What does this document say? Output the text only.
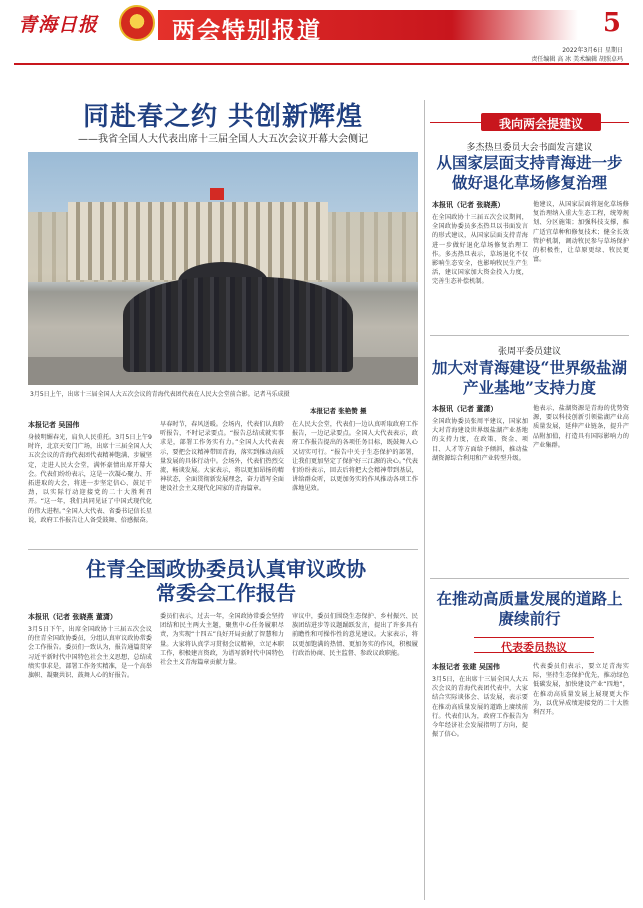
青海日报	两会特别报道	5
2022年3月6日 星期日
责任编辑 高 冰 美术编辑 胡照卓玛
同赴春之约 共创新辉煌
——我省全国人大代表出席十三届全国人大五次会议开幕大会侧记
3月5日上午，出席十三届全国人大五次会议的青海代表团代表在人民大会堂前合影。记者马乐成摄
本报记者 张艳赞 摄
本报记者 吴国伟
身披明媚春光，肩负人民重托。3月5日上午9时许，北京天安门广场，出席十三届全国人大五次会议的青海代表团代表精神饱满、步履坚定，走进人民大会堂，满怀豪情出席开幕大会。代表们纷纷表示，这是一次凝心聚力、开拓进取的大会，将进一步坚定信心、鼓足干劲，以实际行动迎接党的二十大胜利召开。“这一年，我们共同见证了中国式现代化的伟大进程。”全国人大代表、省委书记信长星说，政府工作报告让人备受鼓舞、倍感振奋。
早春时节，春风送暖。会场内，代表们认真聆听报告，不时记录要点。“报告总结成就实事求是，部署工作务实有力。”全国人大代表表示，要把会议精神带回青海，落实到推动高质量发展的具体行动中。会场外，代表们热烈交流，畅谈发展。大家表示，将以更加昂扬的精神状态，全面贯彻新发展理念，奋力谱写全面建设社会主义现代化国家的青海篇章。
在人民大会堂，代表们一边认真听取政府工作报告，一边记录要点。全国人大代表表示，政府工作报告提出的各项任务目标，既鼓舞人心又切实可行。“报告中关于生态保护的部署，让我们更加坚定了保护好三江源的决心。”代表们纷纷表示，回去后将把大会精神带到基层，讲给群众听，以更加务实的作风推动各项工作落地见效。
住青全国政协委员认真审议政协常委会工作报告
本报讯（记者 张晓燕 董潇）
3月5日下午，出席全国政协十三届五次会议的住青全国政协委员，分组认真审议政协常委会工作报告。委员们一致认为，报告通篇贯穿习近平新时代中国特色社会主义思想，总结成绩实事求是，部署工作务实精准，是一个高举旗帜、凝聚共识、鼓舞人心的好报告。
委员们表示，过去一年，全国政协常委会坚持团结和民主两大主题，聚焦中心任务履职尽责，为实现“十四五”良好开局贡献了智慧和力量。大家将认真学习贯彻会议精神，立足本职工作，积极建言资政，为谱写新时代中国特色社会主义青海篇章贡献力量。
审议中，委员们围绕生态保护、乡村振兴、民族团结进步等议题踊跃发言，提出了许多具有前瞻性和可操作性的意见建议。大家表示，将以更加饱满的热情、更加务实的作风，积极履行政治协商、民主监督、参政议政职能。
我向两会提建议
多杰热旦委员大会书面发言建议
从国家层面支持青海进一步做好退化草场修复治理
本报讯（记者 张晓燕）
在全国政协十三届五次会议期间，全国政协委员多杰热旦以书面发言的形式建议，从国家层面支持青海进一步做好退化草场修复治理工作。多杰热旦表示，草场退化不仅影响生态安全，也影响牧民生产生活，建议国家加大资金投入力度，完善生态补偿机制。
他建议，从国家层面将退化草场修复治理纳入重大生态工程，统筹规划、分区施策；加强科技支撑，推广适宜草种和修复技术；健全长效管护机制，调动牧民参与草场保护的积极性，让草原更绿、牧民更富。
张周平委员建议
加大对青海建设“世界级盐湖产业基地”支持力度
本报讯（记者 董潇）
全国政协委员张周平建议，国家加大对青海建设世界级盐湖产业基地的支持力度，在政策、资金、项目、人才等方面给予倾斜，推动盐湖资源综合利用和产业转型升级。
他表示，盐湖资源是青海的优势资源，要以科技创新引领盐湖产业高质量发展，延伸产业链条，提升产品附加值，打造具有国际影响力的产业集群。
在推动高质量发展的道路上赓续前行
代表委员热议
本报记者 张建 吴国伟
3月5日，在出席十三届全国人大五次会议的青海代表团代表中，大家结合实际谈体会、话发展，表示要在推动高质量发展的道路上赓续前行。代表们认为，政府工作报告为今年经济社会发展指明了方向，提振了信心。
代表委员们表示，要立足青海实际，坚持生态保护优先，推动绿色低碳发展，加快建设产业“四地”，在推动高质量发展上展现更大作为，以优异成绩迎接党的二十大胜利召开。
